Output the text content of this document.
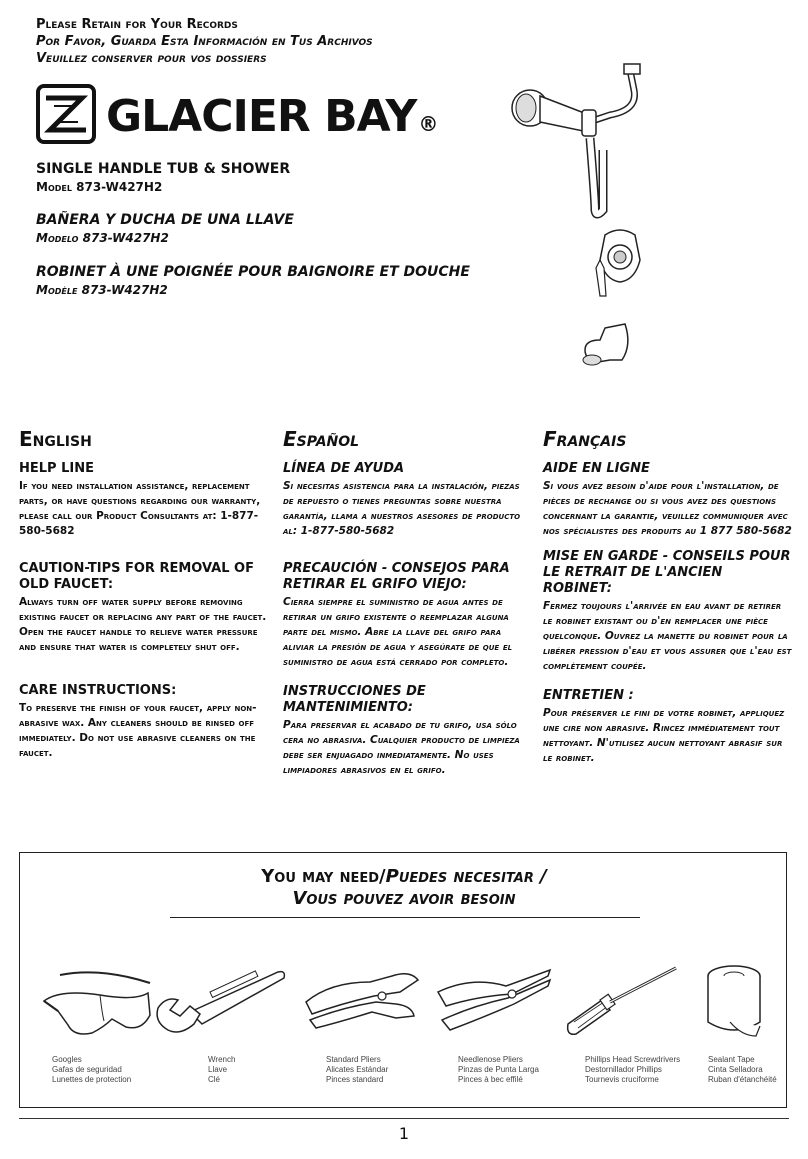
Please Retain for Your Records
Por Favor, Guarda Esta Información en Tus Archivos
Veuillez conserver pour vos dossiers
GLACIER BAY ®
SINGLE HANDLE TUB & SHOWER
Model 873-W427H2
BAÑERA Y DUCHA DE UNA LLAVE
Modelo 873-W427H2
ROBINET À UNE POIGNÉE POUR BAIGNOIRE ET DOUCHE
Modèle 873-W427H2
English
HELP LINE

If you need installation assistance, replacement parts, or have questions regarding our warranty, please call our Product Consultants at: 1-877-580-5682

CAUTION-TIPS FOR REMOVAL OF OLD FAUCET:

Always turn off water supply before removing existing faucet or replacing any part of the faucet. Open the faucet handle to relieve water pressure and ensure that water is completely shut off.

CARE INSTRUCTIONS:

To preserve the finish of your faucet, apply non-abrasive wax. Any cleaners should be rinsed off immediately. Do not use abrasive cleaners on the faucet.

Español
LÍNEA DE AYUDA

Si necesitas asistencia para la instalación, piezas de repuesto o tienes preguntas sobre nuestra garantía, llama a nuestros asesores de producto al: 1-877-580-5682

PRECAUCIÓN - CONSEJOS PARA RETIRAR EL GRIFO VIEJO:

Cierra siempre el suministro de agua antes de retirar un grifo existente o reemplazar alguna parte del mismo. Abre la llave del grifo para aliviar la presión de agua y asegúrate de que el suministro de agua está cerrado por completo.

INSTRUCCIONES DE MANTENIMIENTO:

Para preservar el acabado de tu grifo, usa sólo cera no abrasiva. Cualquier producto de limpieza debe ser enjuagado inmediatamente. No uses limpiadores abrasivos en el grifo.

Français
AIDE EN LIGNE

Si vous avez besoin d'aide pour l'installation, de pièces de rechange ou si vous avez des questions concernant la garantie, veuillez communiquer avec nos spécialistes des produits au 1 877 580-5682

MISE EN GARDE - CONSEILS POUR LE RETRAIT DE L'ANCIEN ROBINET:

Fermez toujours l'arrivée en eau avant de retirer le robinet existant ou d'en remplacer une pièce quelconque. Ouvrez la manette du robinet pour la libérer pression d'eau et vous assurer que l'eau est complètement coupée.

ENTRETIEN :

Pour préserver le fini de votre robinet, appliquez une cire non abrasive. Rincez immédiatement tout nettoyant. N'utilisez aucun nettoyant abrasif sur le robinet.

You may need/Puedes necesitar /
Vous pouvez avoir besoin
Googles
Gafas de seguridad
Lunettes de protection
Wrench
Llave
Clé
Standard Pliers
Alicates Estándar
Pinces standard
Needlenose Pliers
Pinzas de Punta Larga
Pinces à bec effilé
Phillips Head Screwdrivers
Destornillador Phillips
Tournevis cruciforme
Sealant Tape
Cinta Selladora
Ruban d'étanchéité
1
